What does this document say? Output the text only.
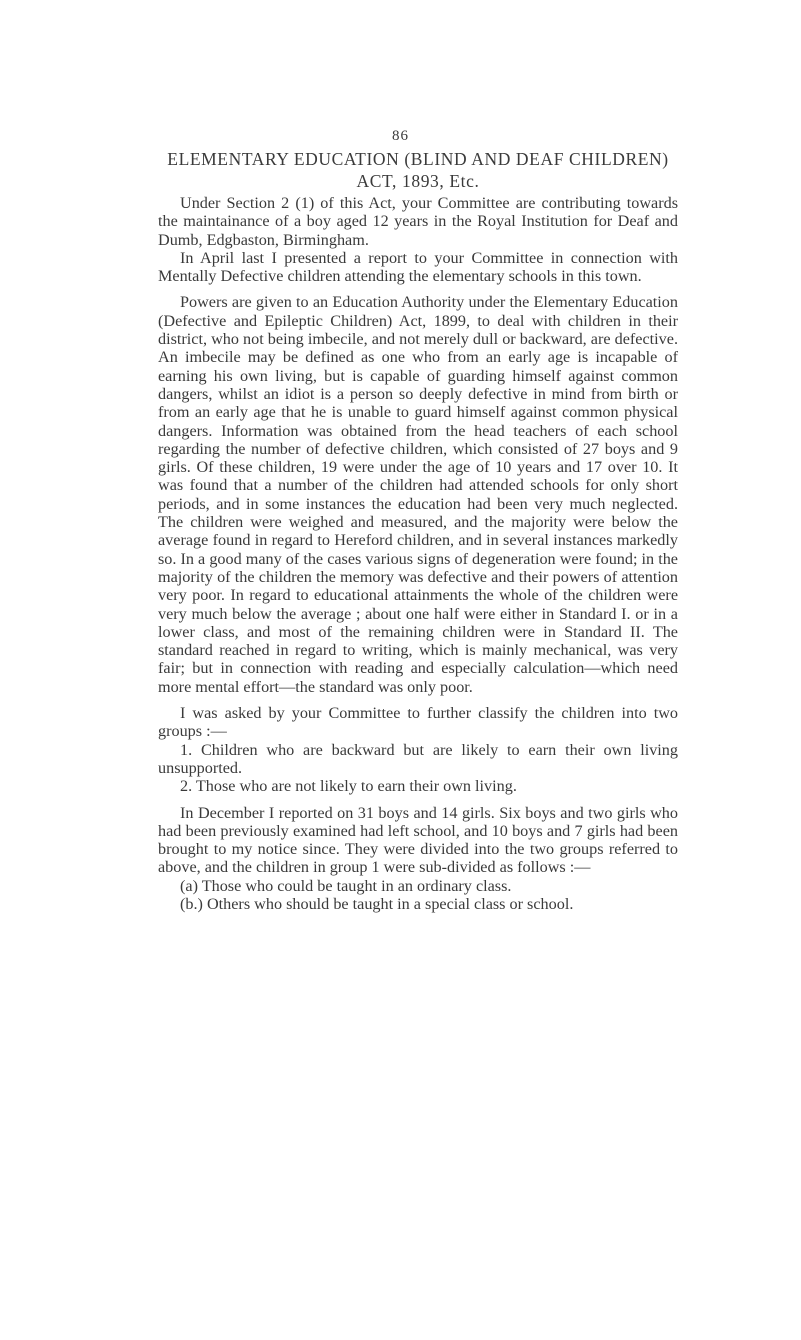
86
ELEMENTARY EDUCATION (BLIND AND DEAF CHILDREN)
ACT, 1893, Etc.

Under Section 2 (1) of this Act, your Committee are contributing towards the maintainance of a boy aged 12 years in the Royal Institution for Deaf and Dumb, Edgbaston, Birmingham.

In April last I presented a report to your Committee in connection with Mentally Defective children attending the elementary schools in this town.

Powers are given to an Education Authority under the Elementary Education (Defective and Epileptic Children) Act, 1899, to deal with children in their district, who not being imbecile, and not merely dull or backward, are defective. An imbecile may be defined as one who from an early age is incapable of earning his own living, but is capable of guarding himself against common dangers, whilst an idiot is a person so deeply defective in mind from birth or from an early age that he is unable to guard himself against common physical dangers. Information was obtained from the head teachers of each school regarding the number of defective children, which consisted of 27 boys and 9 girls. Of these children, 19 were under the age of 10 years and 17 over 10. It was found that a number of the children had attended schools for only short periods, and in some instances the education had been very much neglected. The children were weighed and measured, and the majority were below the average found in regard to Hereford children, and in several instances markedly so. In a good many of the cases various signs of degeneration were found; in the majority of the children the memory was defective and their powers of attention very poor. In regard to educational attainments the whole of the children were very much below the average ; about one half were either in Standard I. or in a lower class, and most of the remaining children were in Standard II. The standard reached in regard to writing, which is mainly mechanical, was very fair; but in connection with reading and especially calculation—which need more mental effort—the standard was only poor.

I was asked by your Committee to further classify the children into two groups :—

1. Children who are backward but are likely to earn their own living unsupported.

2. Those who are not likely to earn their own living.

In December I reported on 31 boys and 14 girls. Six boys and two girls who had been previously examined had left school, and 10 boys and 7 girls had been brought to my notice since. They were divided into the two groups referred to above, and the children in group 1 were sub-divided as follows :—

(a) Those who could be taught in an ordinary class.

(b.) Others who should be taught in a special class or school.
